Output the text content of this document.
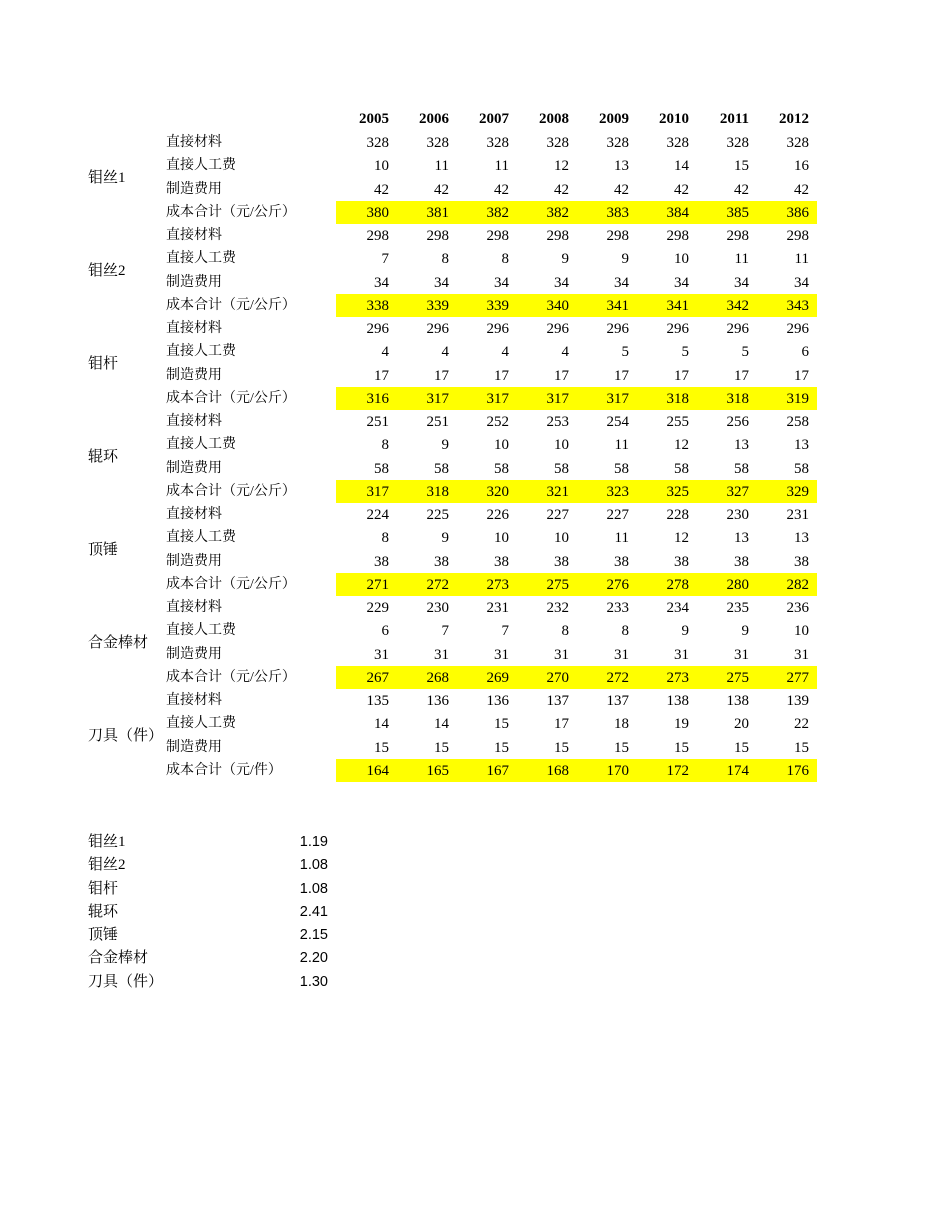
2005	2006	2007	2008	2009	2010	2011	2012
钼丝1
直接材料	328	328	328	328	328	328	328	328
直接人工费	10	11	11	12	13	14	15	16
制造费用	42	42	42	42	42	42	42	42
成本合计（元/公斤）	380	381	382	382	383	384	385	386
钼丝2
直接材料	298	298	298	298	298	298	298	298
直接人工费	7	8	8	9	9	10	11	11
制造费用	34	34	34	34	34	34	34	34
成本合计（元/公斤）	338	339	339	340	341	341	342	343
钼杆
直接材料	296	296	296	296	296	296	296	296
直接人工费	4	4	4	4	5	5	5	6
制造费用	17	17	17	17	17	17	17	17
成本合计（元/公斤）	316	317	317	317	317	318	318	319
辊环
直接材料	251	251	252	253	254	255	256	258
直接人工费	8	9	10	10	11	12	13	13
制造费用	58	58	58	58	58	58	58	58
成本合计（元/公斤）	317	318	320	321	323	325	327	329
顶锤
直接材料	224	225	226	227	227	228	230	231
直接人工费	8	9	10	10	11	12	13	13
制造费用	38	38	38	38	38	38	38	38
成本合计（元/公斤）	271	272	273	275	276	278	280	282
合金棒材
直接材料	229	230	231	232	233	234	235	236
直接人工费	6	7	7	8	8	9	9	10
制造费用	31	31	31	31	31	31	31	31
成本合计（元/公斤）	267	268	269	270	272	273	275	277
刀具（件）
直接材料	135	136	136	137	137	138	138	139
直接人工费	14	14	15	17	18	19	20	22
制造费用	15	15	15	15	15	15	15	15
成本合计（元/件）	164	165	167	168	170	172	174	176
钼丝1	1.19
钼丝2	1.08
钼杆	1.08
辊环	2.41
顶锤	2.15
合金棒材	2.20
刀具（件）	1.30
